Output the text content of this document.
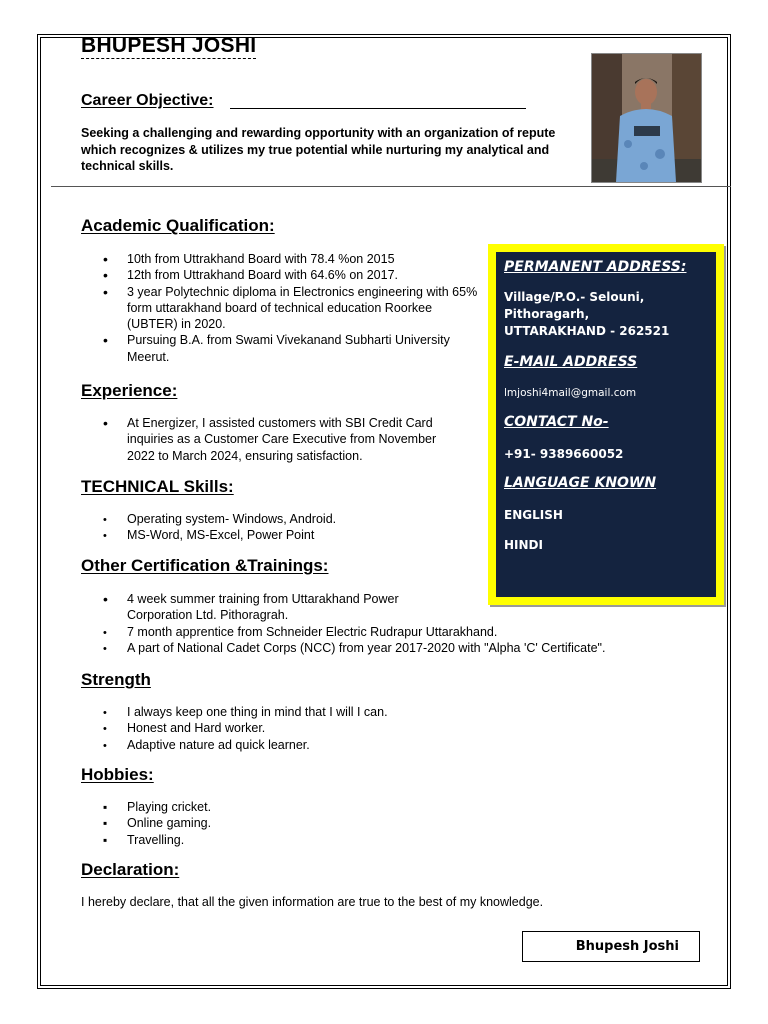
BHUPESH JOSHI
Career Objective:
Seeking a challenging and rewarding opportunity with an organization of repute which recognizes & utilizes my true potential while nurturing my analytical and technical skills.
Academic Qualification:
•
10th from Uttrakhand Board with 78.4 %on 2015
•
12th from Uttrakhand Board with 64.6% on 2017.
•
3 year Polytechnic diploma in Electronics engineering with 65% form uttarakhand board of technical education Roorkee (UBTER) in 2020.
•
Pursuing B.A. from Swami Vivekanand Subharti University Meerut.
Experience:
•
At Energizer, I assisted customers with SBI Credit Card inquiries as a Customer Care Executive from November 2022 to March 2024, ensuring satisfaction.
TECHNICAL Skills:
•
Operating system- Windows, Android.
•
MS-Word, MS-Excel, Power Point
Other Certification &Trainings:
•
4 week summer training from Uttarakhand Power Corporation Ltd. Pithoragrah.
•
7 month apprentice from Schneider Electric Rudrapur Uttarakhand.
•
A part of National Cadet Corps (NCC) from year 2017-2020 with "Alpha 'C' Certificate".
Strength
•
I always keep one thing in mind that I will I can.
•
Honest and Hard worker.
•
Adaptive nature ad quick learner.
Hobbies:
▪
Playing cricket.
▪
Online gaming.
▪
Travelling.
Declaration:
I hereby declare, that all the given information are true to the best of my knowledge.
Bhupesh Joshi
PERMANENT ADDRESS:
Village/P.O.- Selouni,
Pithoragarh,
UTTARAKHAND - 262521
E-MAIL ADDRESS
lmjoshi4mail@gmail.com
CONTACT No-
+91- 9389660052
LANGUAGE KNOWN
ENGLISH
HINDI
